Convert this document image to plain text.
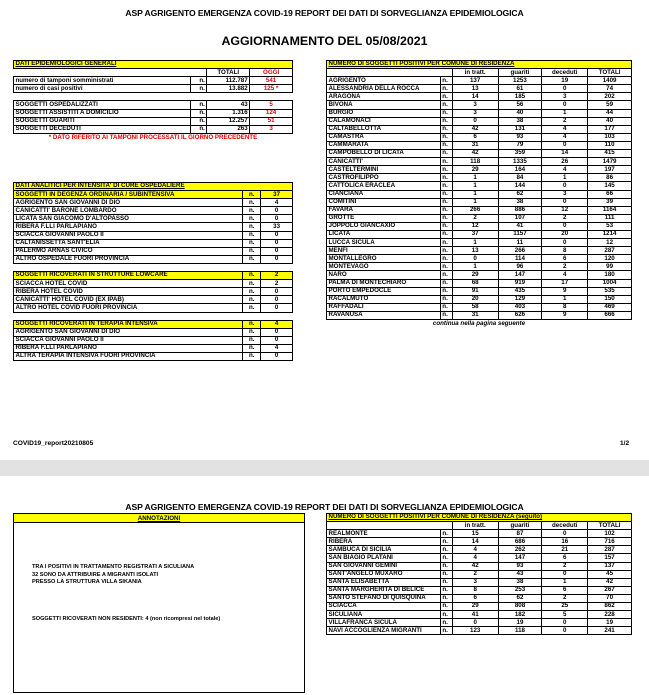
ASP AGRIGENTO EMERGENZA COVID-19 REPORT DEI DATI DI SORVEGLIANZA EPIDEMIOLOGICA
AGGIORNAMENTO DEL 05/08/2021
DATI EPIDEMIOLOGICI GENERALI			
		TOTALI	OGGI
numero di tamponi somministrati	n.	112.787	541
numero di casi positivi	n.	13.882	125 *

SOGGETTI OSPEDALIZZATI	n.	43	5
SOGGETTI ASSISTITI A DOMICILIO	n.	1.316	124
SOGGETTI GUARITI	n.	12.257	51
SOGGETTI DECEDUTI	n.	263	3
* DATO RIFERITO AI TAMPONI PROCESSATI IL GIORNO PRECEDENTE			
DATI ANALITICI PER INTENSITA' DI CURE OSPEDALIERE		
SOGGETTI IN DEGENZA ORDINARIA / SUBINTENSIVA	n.	37
AGRIGENTO SAN GIOVANNI DI DIO	n.	4
CANICATTI' BARONE LOMBARDO	n.	0
LICATA SAN GIACOMO D'ALTOPASSO	n.	0
RIBERA F.LLI PARLAPIANO	n.	33
SCIACCA GIOVANNI PAOLO II	n.	0
CALTANISSETTA SANT'ELIA	n.	0
PALERMO ARNAS CIVICO	n.	0
ALTRO OSPEDALE FUORI PROVINCIA	n.	0

SOGGETTI RICOVERATI IN STRUTTURE LOWCARE	n.	2
SCIACCA HOTEL COVID	n.	2
RIBERA HOTEL COVID	n.	0
CANICATTI' HOTEL COVID (EX IPAB)	n.	0
ALTRO HOTEL COVID FUORI PROVINCIA	n.	0

SOGGETTI RICOVERATI IN TERAPIA INTENSIVA	n.	4
AGRIGENTO SAN GIOVANNI DI DIO	n.	0
SCIACCA GIOVANNI PAOLO II	n.	0
RIBERA F.LLI PARLAPIANO	n.	4
ALTRA TERAPIA INTENSIVA FUORI PROVINCIA	n.	0
NUMERO DI SOGGETTI POSITIVI PER COMUNE DI RESIDENZA					
		in tratt.	guariti	deceduti	TOTALI
AGRIGENTO	n.	137	1253	19	1409
ALESSANDRIA DELLA ROCCA	n.	13	61	0	74
ARAGONA	n.	14	185	3	202
BIVONA	n.	3	56	0	59
BURGIO	n.	3	40	1	44
CALAMONACI	n.	0	38	2	40
CALTABELLOTTA	n.	42	131	4	177
CAMASTRA	n.	6	93	4	103
CAMMARATA	n.	31	79	0	110
CAMPOBELLO DI LICATA	n.	42	359	14	415
CANICATTI'	n.	118	1335	26	1479
CASTELTERMINI	n.	29	164	4	197
CASTROFILIPPO	n.	1	84	1	86
CATTOLICA ERACLEA	n.	1	144	0	145
CIANCIANA	n.	1	62	3	66
COMITINI	n.	1	38	0	39
FAVARA	n.	266	886	12	1164
GROTTE	n.	2	107	2	111
JOPPOLO GIANCAXIO	n.	12	41	0	53
LICATA	n.	37	1157	20	1214
LUCCA SICULA	n.	1	11	0	12
MENFI	n.	13	266	8	287
MONTALLEGRO	n.	0	114	6	120
MONTEVAGO	n.	1	96	2	99
NARO	n.	29	147	4	180
PALMA DI MONTECHIARO	n.	68	919	17	1004
PORTO EMPEDOCLE	n.	91	435	9	535
RACALMUTO	n.	20	129	1	150
RAFFADALI	n.	58	403	8	469
RAVANUSA	n.	31	626	9	666
continua nella pagina seguente					
COVID19_report20210805	1/2
ASP AGRIGENTO EMERGENZA COVID-19 REPORT DEI DATI DI SORVEGLIANZA EPIDEMIOLOGICA
ANNOTAZIONI
TRA I POSITIVI IN TRATTAMENTO REGISTRATI A SICULIANA
32 SONO DA ATTRIBUIRE A MIGRANTI ISOLATI
PRESSO LA STRUTTURA VILLA SIKANIA
SOGGETTI RICOVERATI NON RESIDENTI: 4 (non ricompresi nel totale)
NUMERO DI SOGGETTI POSITIVI PER COMUNE DI RESIDENZA (seguito)					
		in tratt.	guariti	deceduti	TOTALI
REALMONTE	n.	15	87	0	102
RIBERA	n.	14	686	16	716
SAMBUCA DI SICILIA	n.	4	262	21	287
SAN BIAGIO PLATANI	n.	4	147	6	157
SAN GIOVANNI GEMINI	n.	42	93	2	137
SANT'ANGELO MUXARO	n.	2	43	0	45
SANTA ELISABETTA	n.	3	38	1	42
SANTA MARGHERITA DI BELICE	n.	8	253	6	267
SANTO STEFANO DI QUISQUINA	n.	6	62	2	70
SCIACCA	n.	29	808	25	862
SICULIANA	n.	41	182	5	228
VILLAFRANCA SICULA	n.	0	19	0	19
NAVI ACCOGLIENZA MIGRANTI	n.	123	118	0	241
